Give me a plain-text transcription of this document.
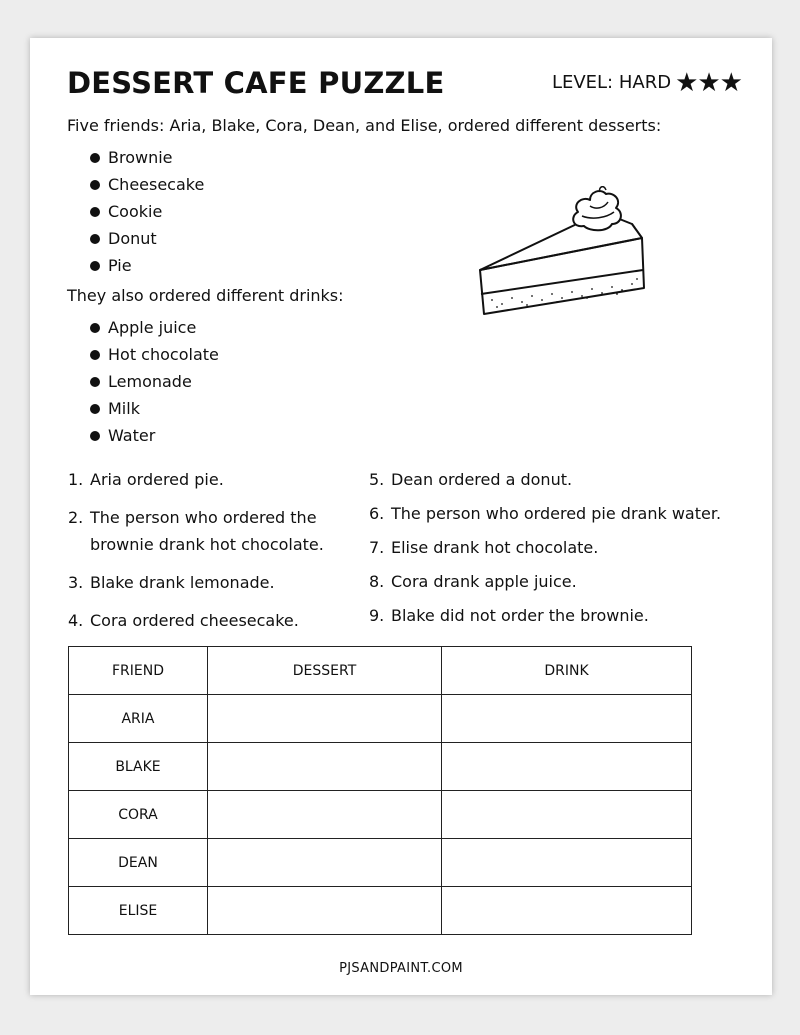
DESSERT CAFE PUZZLE	LEVEL: HARD ★★★

Five friends: Aria, Blake, Cora, Dean, and Elise, ordered different desserts:

Brownie
Cheesecake
Cookie
Donut
Pie

They also ordered different drinks:

Apple juice
Hot chocolate
Lemonade
Milk
Water
1. Aria ordered pie.
2. The person who ordered the brownie drank hot chocolate.
3. Blake drank lemonade.
4. Cora ordered cheesecake.
5. Dean ordered a donut.
6. The person who ordered pie drank water.
7. Elise drank hot chocolate.
8. Cora drank apple juice.
9. Blake did not order the brownie.
FRIEND	DESSERT	DRINK
ARIA		
BLAKE		
CORA		
DEAN		
ELISE		
PJSANDPAINT.COM
